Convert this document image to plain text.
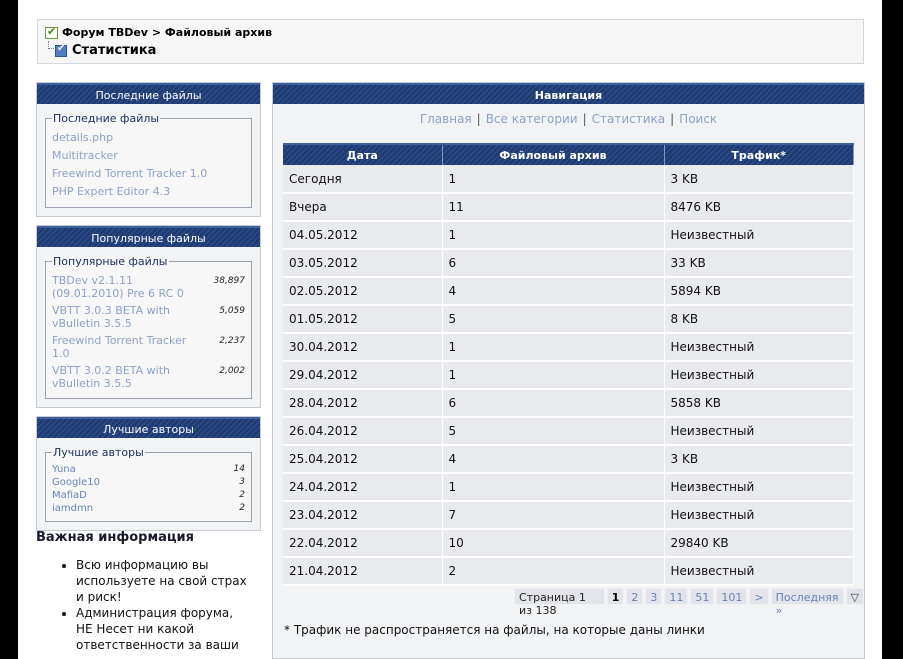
✔
Форум TBDev > Файловый архив
✔
Статистика
Последние файлы
Последние файлы
details.php
Multitracker
Freewind Torrent Tracker 1.0
PHP Expert Editor 4.3
Популярные файлы
Популярные файлы
TBDev v2.1.11 (09.01.2010) Pre 6 RC 0
38,897
VBTT 3.0.3 BETA with vBulletin 3.5.5
5,059
Freewind Torrent Tracker 1.0
2,237
VBTT 3.0.2 BETA with vBulletin 3.5.5
2,002
Лучшие авторы
Лучшие авторы
Yuna	14
Google10	3
MafiaD	2
iamdmn	2
Важная информация
• Всю информацию вы используете на свой страх и риск!
• Администрация форума, НЕ Несет ни какой ответственности за ваши
Навигация
Главная | Все категории | Статистика | Поиск
Дата	Файловый архив	Трафик*
Сегодня	1	3 KB
Вчера	11	8476 KB
04.05.2012	1	Неизвестный
03.05.2012	6	33 KB
02.05.2012	4	5894 KB
01.05.2012	5	8 KB
30.04.2012	1	Неизвестный
29.04.2012	1	Неизвестный
28.04.2012	6	5858 KB
26.04.2012	5	Неизвестный
25.04.2012	4	3 KB
24.04.2012	1	Неизвестный
23.04.2012	7	Неизвестный
22.04.2012	10	29840 KB
21.04.2012	2	Неизвестный
Страница 1 из 138
1	2	3	11	51	101	>	Последняя »
▽
* Трафик не распространяется на файлы, на которые даны линки
